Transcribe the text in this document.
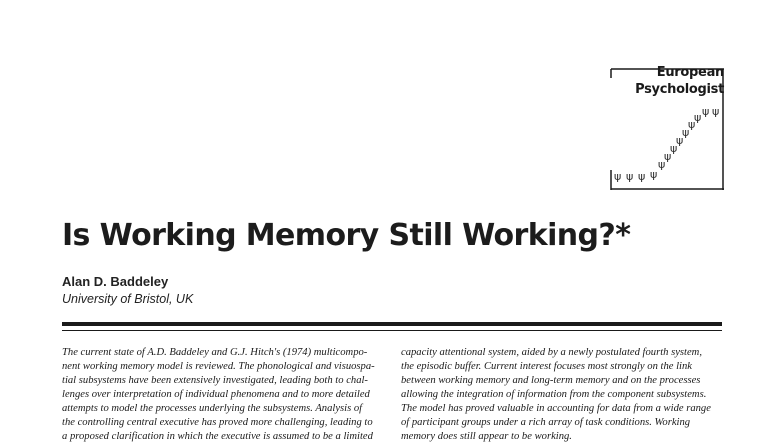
ψ ψ ψ ψ
ψ
ψ
ψ
ψ
ψ
ψ
ψ ψ ψ
European
Psychologist
Is Working Memory Still Working?*
Alan D. Baddeley
University of Bristol, UK
The current state of A.D. Baddeley and G.J. Hitch's (1974) multicompo-
nent working memory model is reviewed. The phonological and visuospa-
tial subsystems have been extensively investigated, leading both to chal-
lenges over interpretation of individual phenomena and to more detailed
attempts to model the processes underlying the subsystems. Analysis of
the controlling central executive has proved more challenging, leading to
a proposed clarification in which the executive is assumed to be a limited
capacity attentional system, aided by a newly postulated fourth system,
the episodic buffer. Current interest focuses most strongly on the link
between working memory and long-term memory and on the processes
allowing the integration of information from the component subsystems.
The model has proved valuable in accounting for data from a wide range
of participant groups under a rich array of task conditions. Working
memory does still appear to be working.
